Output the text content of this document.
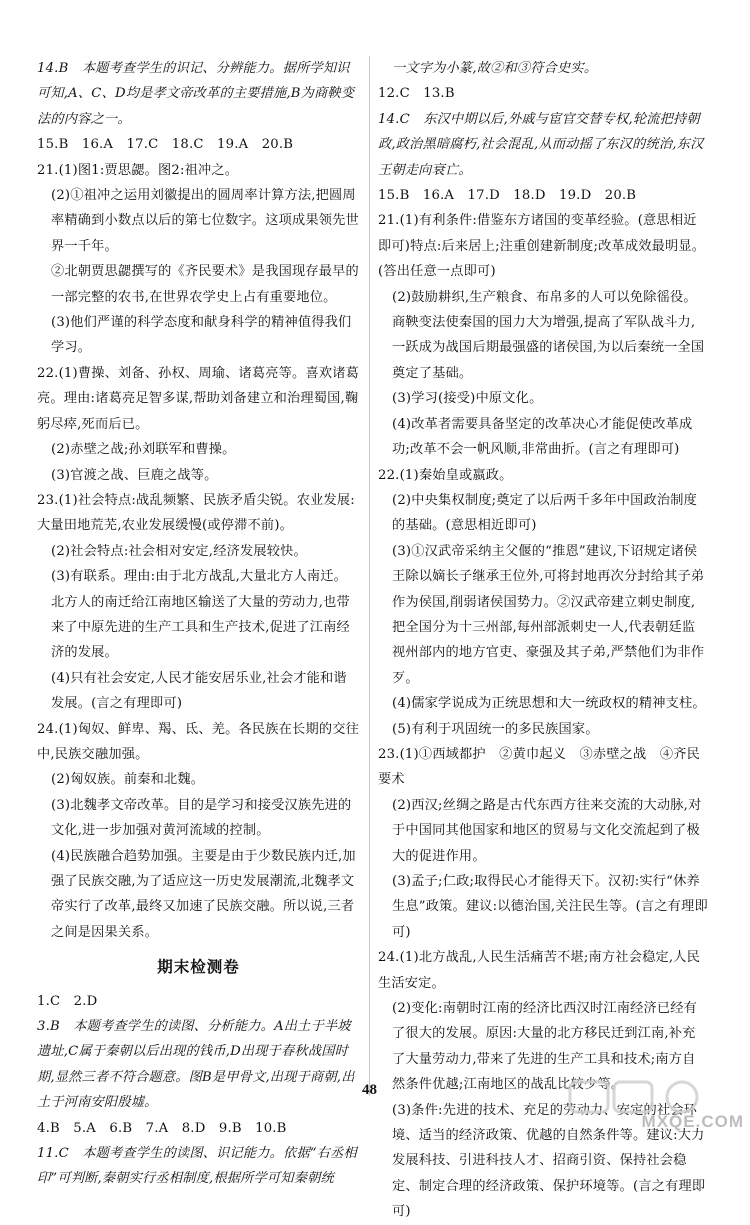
14.B　本题考查学生的识记、分辨能力。据所学知识可知,A、C、D均是孝文帝改革的主要措施,B为商鞅变法的内容之一。

15.B　16.A　17.C　18.C　19.A　20.B

21.(1)图1:贾思勰。图2:祖冲之。

(2)①祖冲之运用刘徽提出的圆周率计算方法,把圆周率精确到小数点以后的第七位数字。这项成果领先世界一千年。

②北朝贾思勰撰写的《齐民要术》是我国现存最早的一部完整的农书,在世界农学史上占有重要地位。

(3)他们严谨的科学态度和献身科学的精神值得我们学习。

22.(1)曹操、刘备、孙权、周瑜、诸葛亮等。喜欢诸葛亮。理由:诸葛亮足智多谋,帮助刘备建立和治理蜀国,鞠躬尽瘁,死而后已。

(2)赤壁之战;孙刘联军和曹操。

(3)官渡之战、巨鹿之战等。

23.(1)社会特点:战乱频繁、民族矛盾尖锐。农业发展:大量田地荒芜,农业发展缓慢(或停滞不前)。

(2)社会特点:社会相对安定,经济发展较快。

(3)有联系。理由:由于北方战乱,大量北方人南迁。北方人的南迁给江南地区输送了大量的劳动力,也带来了中原先进的生产工具和生产技术,促进了江南经济的发展。

(4)只有社会安定,人民才能安居乐业,社会才能和谐发展。(言之有理即可)

24.(1)匈奴、鲜卑、羯、氐、羌。各民族在长期的交往中,民族交融加强。

(2)匈奴族。前秦和北魏。

(3)北魏孝文帝改革。目的是学习和接受汉族先进的文化,进一步加强对黄河流域的控制。

(4)民族融合趋势加强。主要是由于少数民族内迁,加强了民族交融,为了适应这一历史发展潮流,北魏孝文帝实行了改革,最终又加速了民族交融。所以说,三者之间是因果关系。

期末检测卷

1.C　2.D

3.B　本题考查学生的读图、分析能力。A出土于半坡遗址,C属于秦朝以后出现的钱币,D出现于春秋战国时期,显然三者不符合题意。图B是甲骨文,出现于商朝,出土于河南安阳殷墟。

4.B　5.A　6.B　7.A　8.D　9.B　10.B

11.C　本题考查学生的读图、识记能力。依据“右丞相印”可判断,秦朝实行丞相制度,根据所学可知秦朝统

一文字为小篆,故②和③符合史实。

12.C　13.B

14.C　东汉中期以后,外戚与宦官交替专权,轮流把持朝政,政治黑暗腐朽,社会混乱,从而动摇了东汉的统治,东汉王朝走向衰亡。

15.B　16.A　17.D　18.D　19.D　20.B

21.(1)有利条件:借鉴东方诸国的变革经验。(意思相近即可)特点:后来居上;注重创建新制度;改革成效最明显。(答出任意一点即可)

(2)鼓励耕织,生产粮食、布帛多的人可以免除徭役。商鞅变法使秦国的国力大为增强,提高了军队战斗力,一跃成为战国后期最强盛的诸侯国,为以后秦统一全国奠定了基础。

(3)学习(接受)中原文化。

(4)改革者需要具备坚定的改革决心才能促使改革成功;改革不会一帆风顺,非常曲折。(言之有理即可)

22.(1)秦始皇或嬴政。

(2)中央集权制度;奠定了以后两千多年中国政治制度的基础。(意思相近即可)

(3)①汉武帝采纳主父偃的“推恩”建议,下诏规定诸侯王除以嫡长子继承王位外,可将封地再次分封给其子弟作为侯国,削弱诸侯国势力。②汉武帝建立刺史制度,把全国分为十三州部,每州部派刺史一人,代表朝廷监视州部内的地方官吏、豪强及其子弟,严禁他们为非作歹。

(4)儒家学说成为正统思想和大一统政权的精神支柱。

(5)有利于巩固统一的多民族国家。

23.(1)①西域都护　②黄巾起义　③赤壁之战　④齐民要术

(2)西汉;丝绸之路是古代东西方往来交流的大动脉,对于中国同其他国家和地区的贸易与文化交流起到了极大的促进作用。

(3)孟子;仁政;取得民心才能得天下。汉初:实行“休养生息”政策。建议:以德治国,关注民生等。(言之有理即可)

24.(1)北方战乱,人民生活痛苦不堪;南方社会稳定,人民生活安定。

(2)变化:南朝时江南的经济比西汉时江南经济已经有了很大的发展。原因:大量的北方移民迁到江南,补充了大量劳动力,带来了先进的生产工具和技术;南方自然条件优越;江南地区的战乱比较少等。

(3)条件:先进的技术、充足的劳动力、安定的社会环境、适当的经济政策、优越的自然条件等。建议:大力发展科技、引进科技人才、招商引资、保持社会稳定、制定合理的经济政策、保护环境等。(言之有理即可)

48
MXQE.COM
